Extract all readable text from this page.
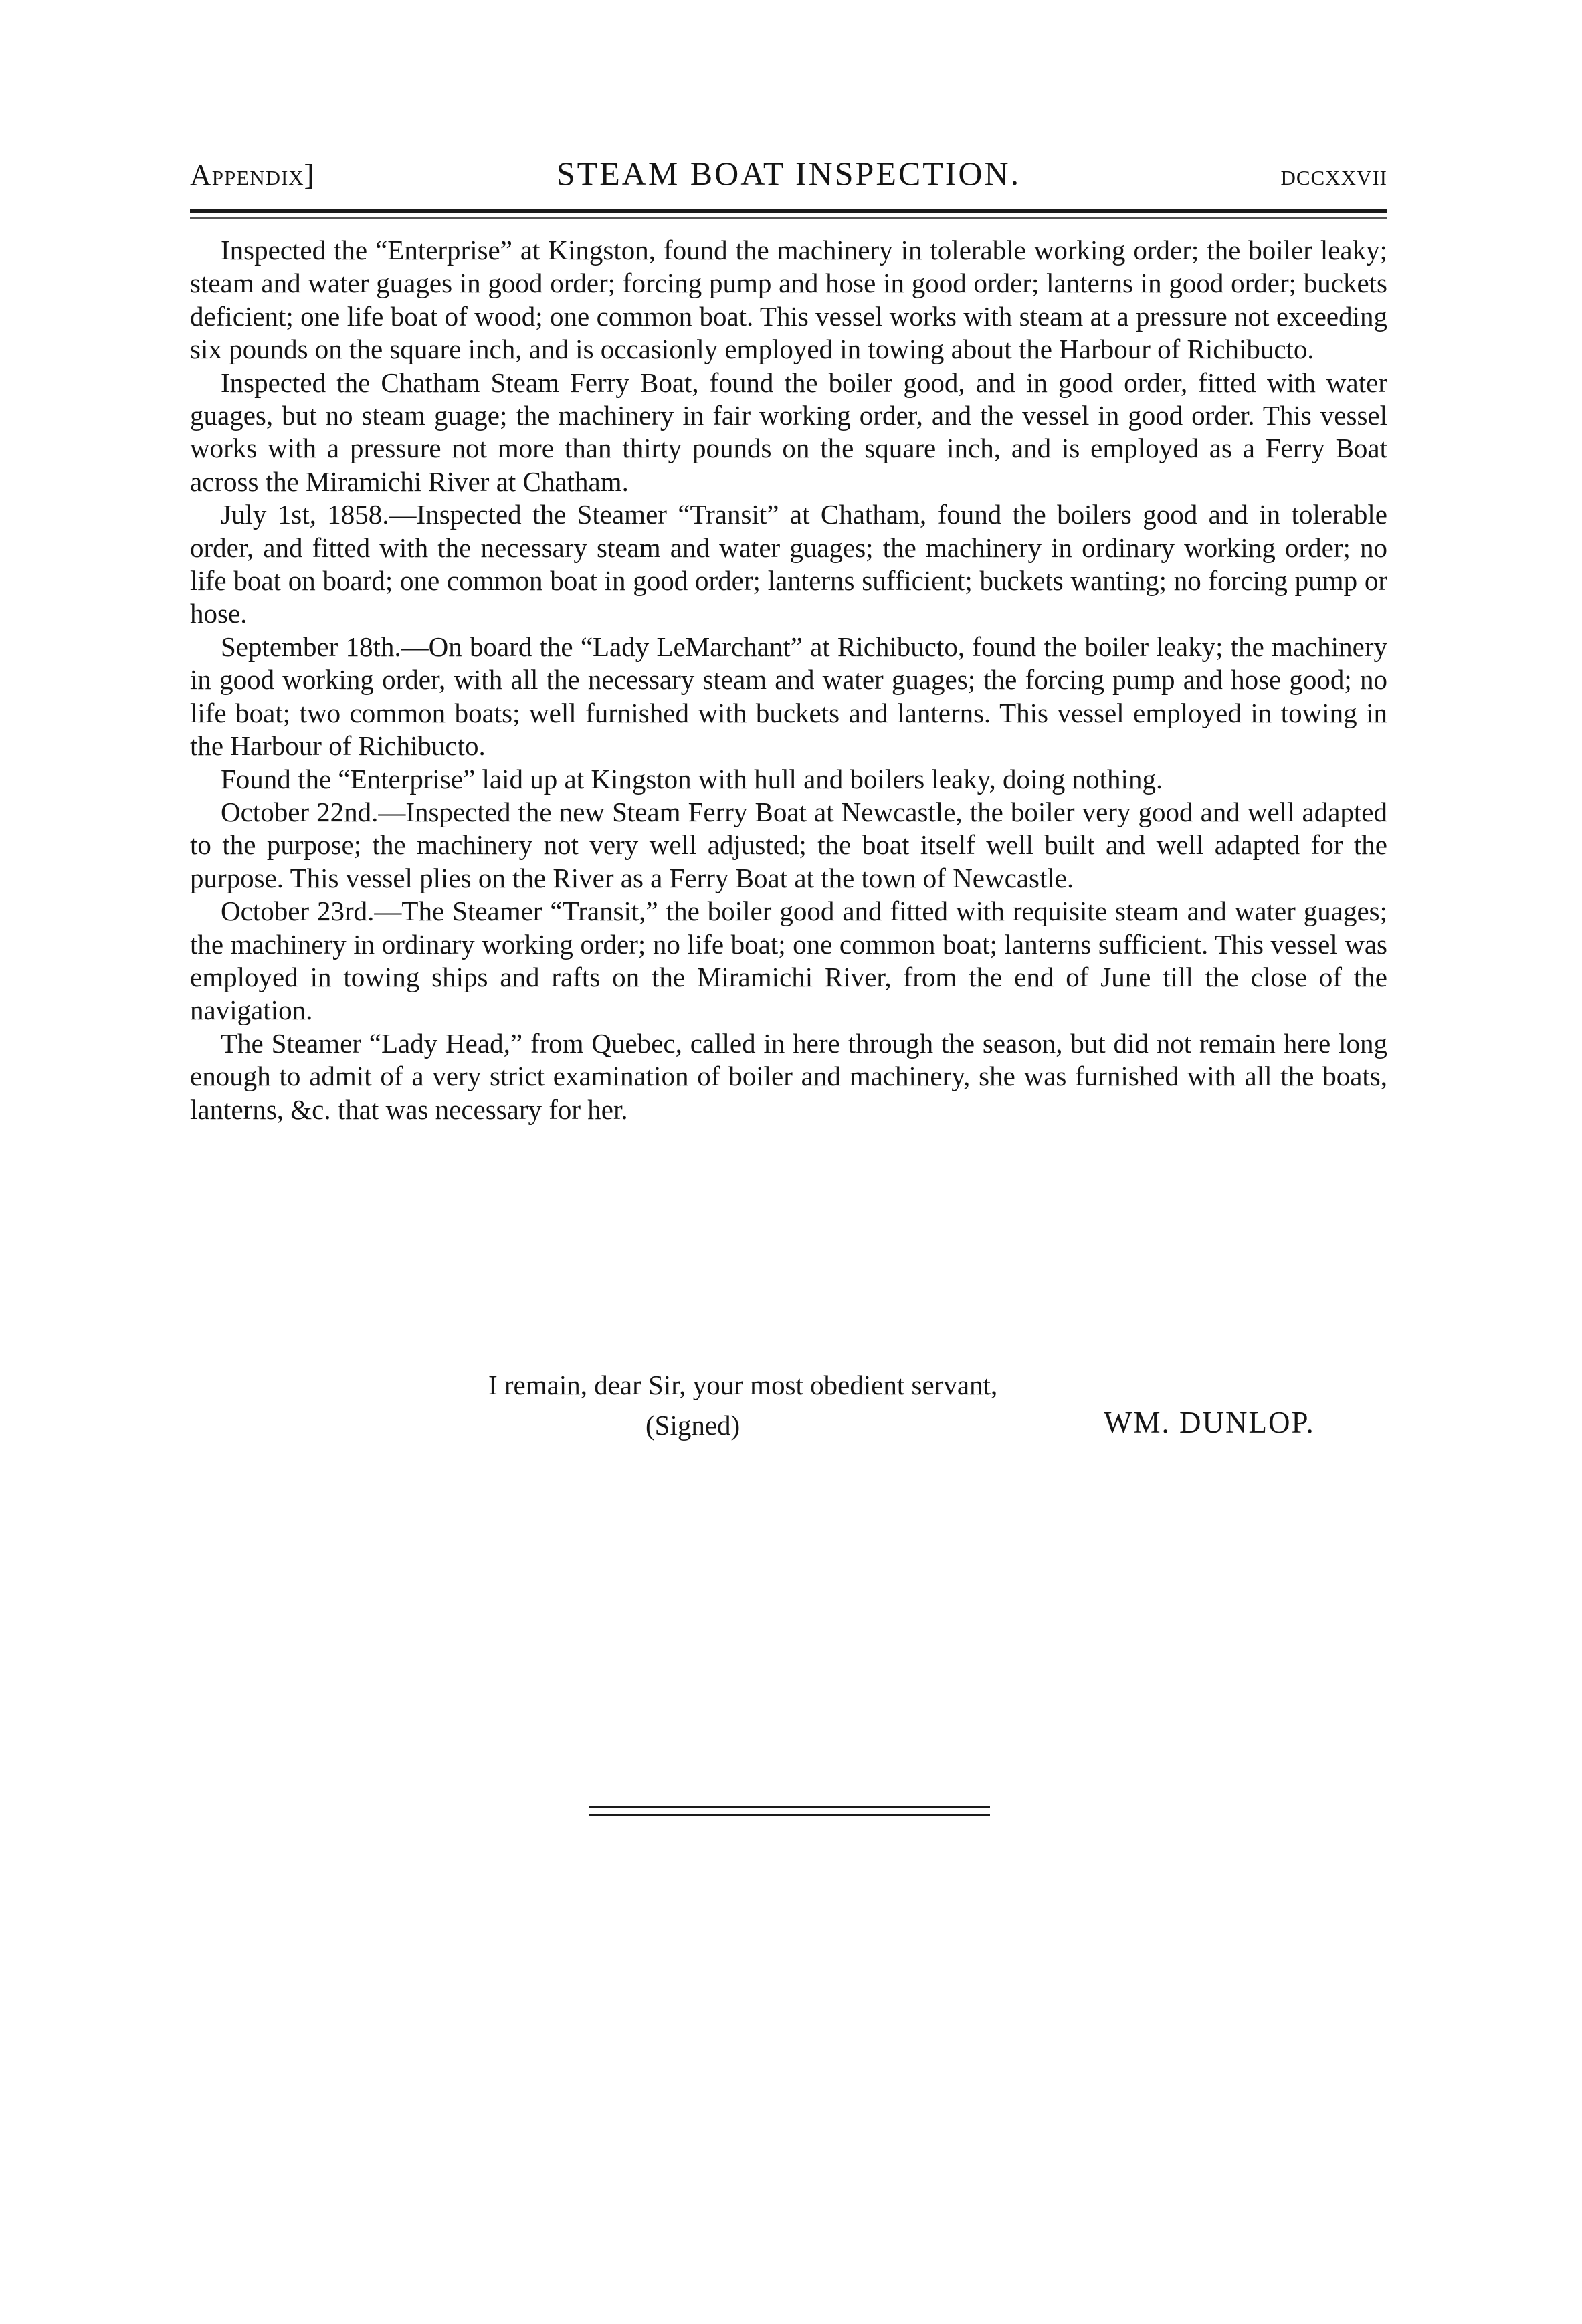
Appendix]	STEAM BOAT INSPECTION.	dccxxvii

Inspected the “Enterprise” at Kingston, found the machinery in tolerable working order; the boiler leaky; steam and water guages in good order; forcing pump and hose in good order; lanterns in good order; buckets deficient; one life boat of wood; one common boat. This vessel works with steam at a pressure not exceeding six pounds on the square inch, and is occasionly employed in towing about the Harbour of Richibucto.

Inspected the Chatham Steam Ferry Boat, found the boiler good, and in good order, fitted with water guages, but no steam guage; the machinery in fair working order, and the vessel in good order. This vessel works with a pressure not more than thirty pounds on the square inch, and is employed as a Ferry Boat across the Miramichi River at Chatham.

July 1st, 1858.—Inspected the Steamer “Transit” at Chatham, found the boilers good and in tolerable order, and fitted with the necessary steam and water guages; the machinery in ordinary working order; no life boat on board; one common boat in good order; lanterns sufficient; buckets wanting; no forcing pump or hose.

September 18th.—On board the “Lady LeMarchant” at Richibucto, found the boiler leaky; the machinery in good working order, with all the necessary steam and water guages; the forcing pump and hose good; no life boat; two common boats; well furnished with buckets and lanterns. This vessel employed in towing in the Harbour of Richibucto.

Found the “Enterprise” laid up at Kingston with hull and boilers leaky, doing nothing.

October 22nd.—Inspected the new Steam Ferry Boat at Newcastle, the boiler very good and well adapted to the purpose; the machinery not very well adjusted; the boat itself well built and well adapted for the purpose. This vessel plies on the River as a Ferry Boat at the town of Newcastle.

October 23rd.—The Steamer “Transit,” the boiler good and fitted with requisite steam and water guages; the machinery in ordinary working order; no life boat; one common boat; lanterns sufficient. This vessel was employed in towing ships and rafts on the Miramichi River, from the end of June till the close of the navigation.

The Steamer “Lady Head,” from Quebec, called in here through the season, but did not remain here long enough to admit of a very strict examination of boiler and machinery, she was furnished with all the boats, lanterns, &c. that was necessary for her.

I remain, dear Sir, your most obedient servant,
(Signed)	WM. DUNLOP.
